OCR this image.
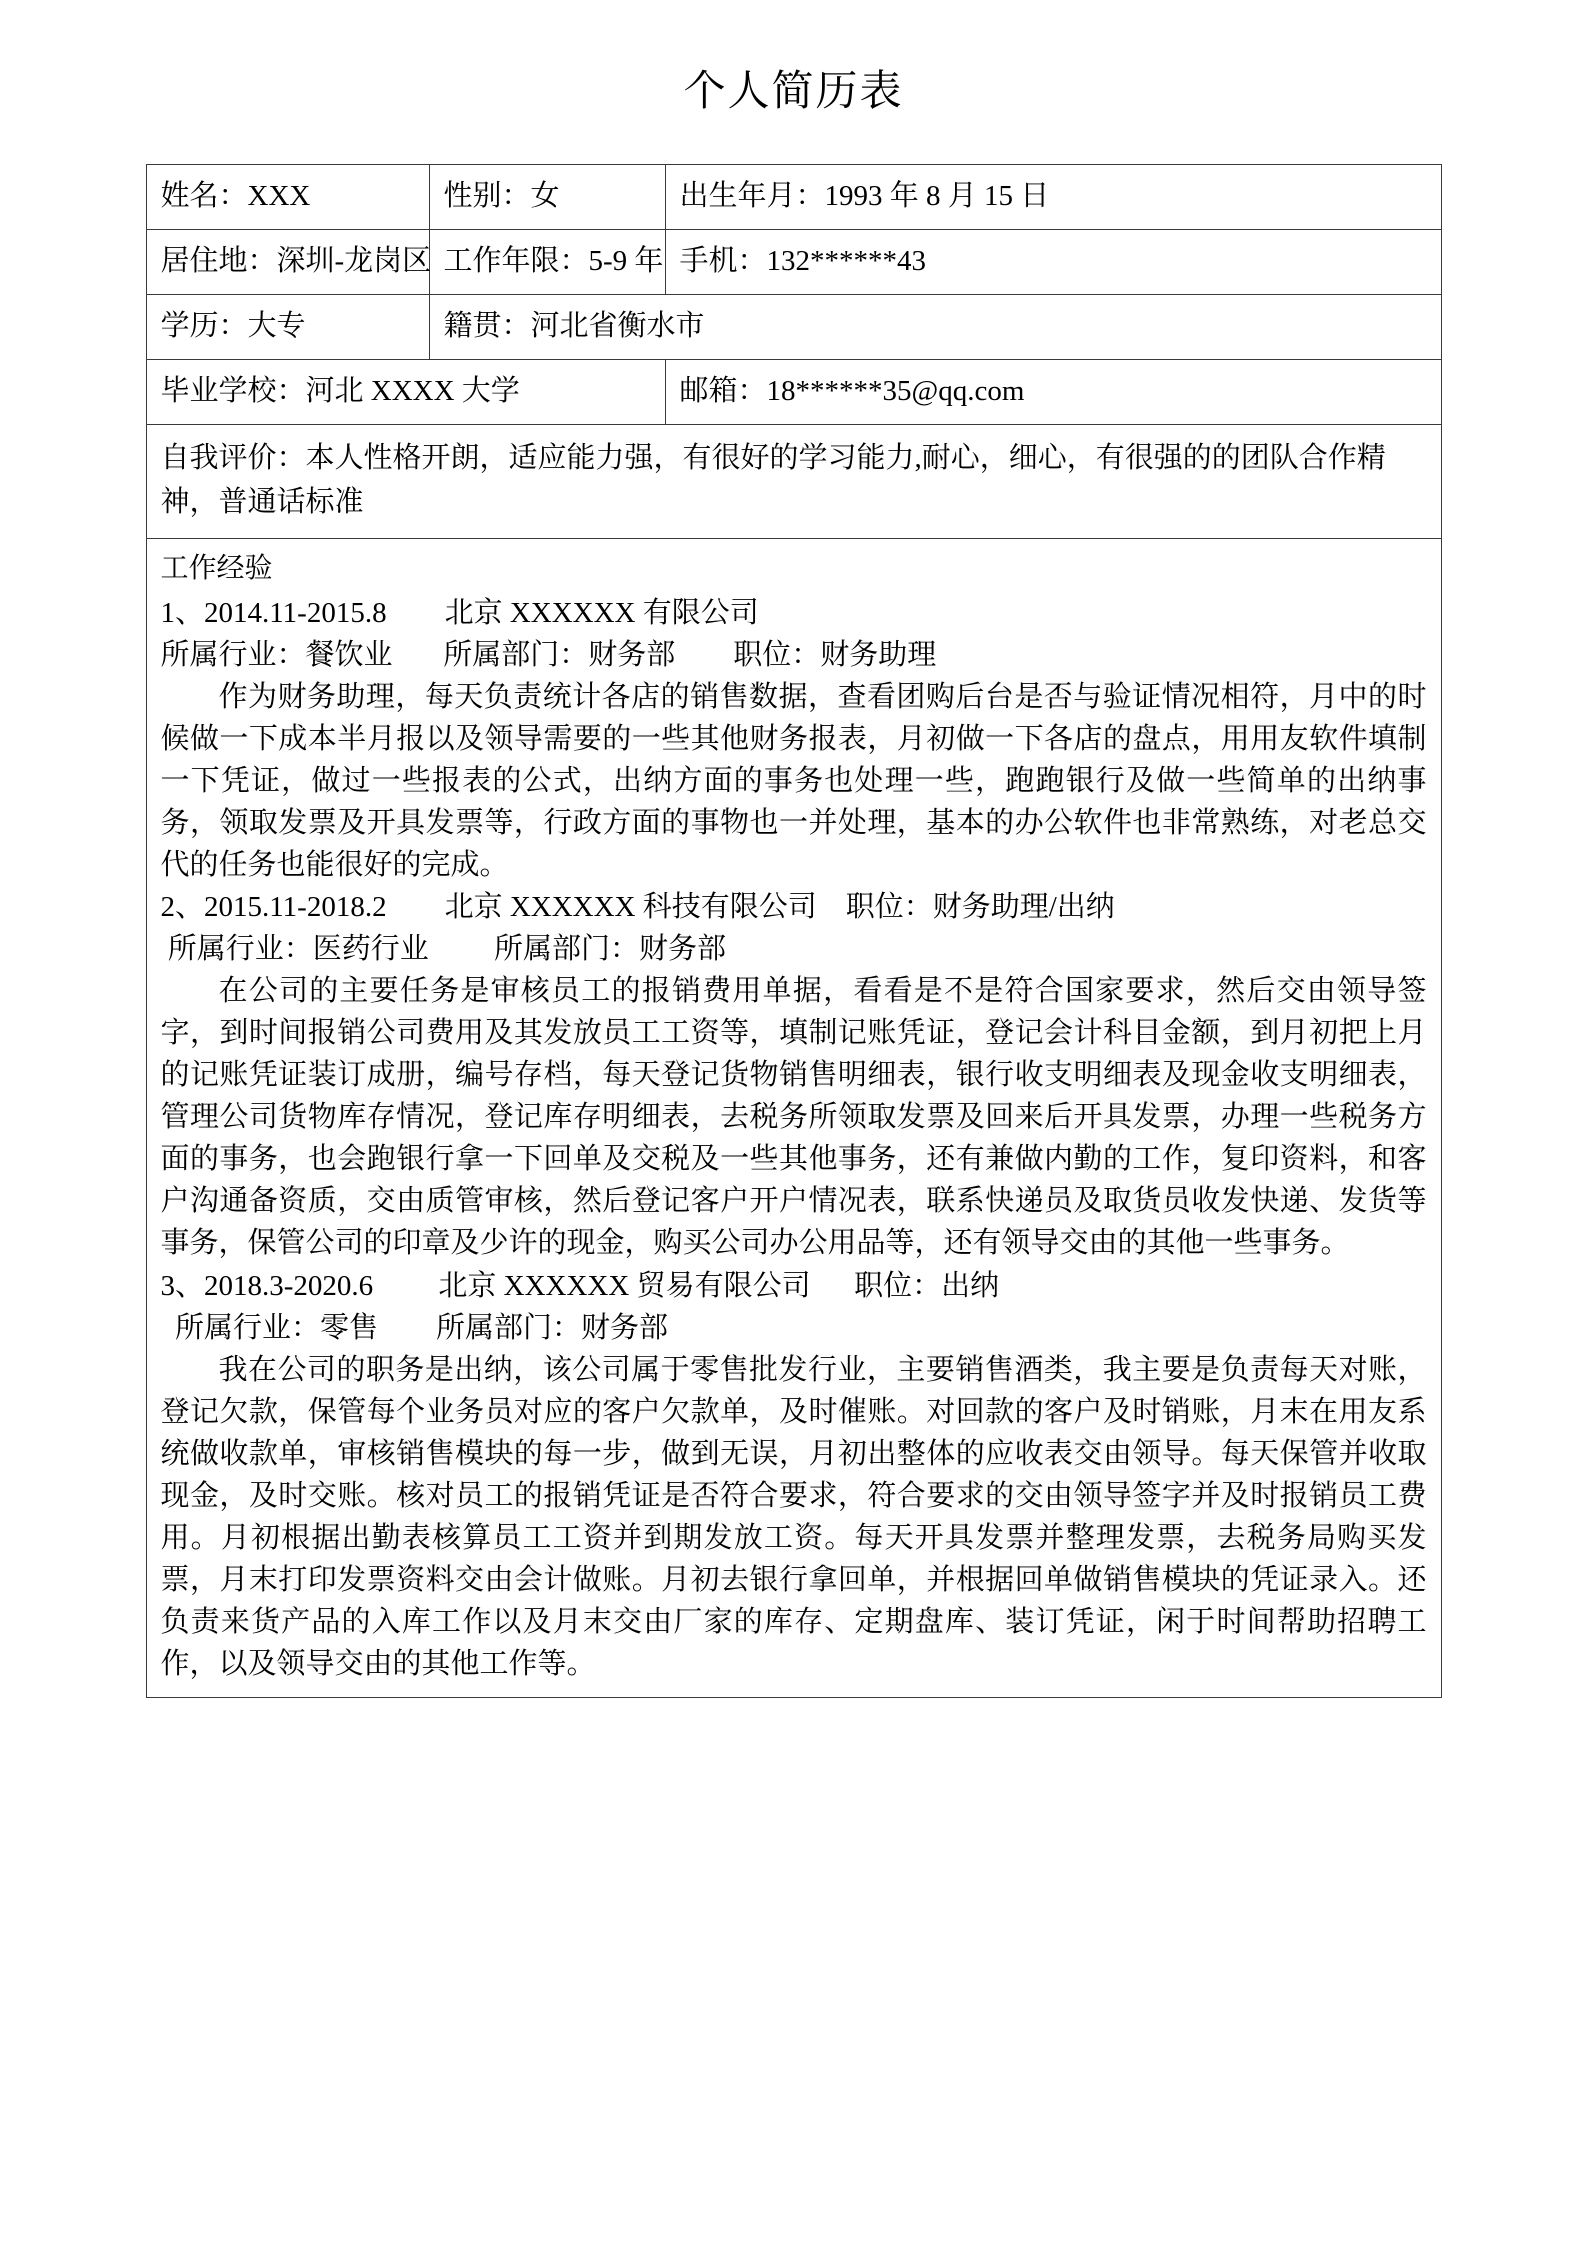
个人简历表
姓名：XXX	性别：女	出生年月：1993 年 8 月 15 日
居住地：深圳-龙岗区	工作年限：5-9 年	手机：132******43
学历：大专	籍贯：河北省衡水市	
毕业学校：河北 XXXX 大学		邮箱：18******35@qq.com
自我评价：本人性格开朗，适应能力强，有很好的学习能力,耐心，细心，有很强的的团队合作精神，普通话标准		

工作经验
1、2014.11-2015.8        北京 XXXXXX 有限公司
所属行业：餐饮业       所属部门：财务部        职位：财务助理
作为财务助理，每天负责统计各店的销售数据，查看团购后台是否与验证情况相符，月中的时候做一下成本半月报以及领导需要的一些其他财务报表，月初做一下各店的盘点，用用友软件填制一下凭证，做过一些报表的公式，出纳方面的事务也处理一些，跑跑银行及做一些简单的出纳事务，领取发票及开具发票等，行政方面的事物也一并处理，基本的办公软件也非常熟练，对老总交代的任务也能很好的完成。
2、2015.11-2018.2        北京 XXXXXX 科技有限公司    职位：财务助理/出纳
所属行业：医药行业         所属部门：财务部
在公司的主要任务是审核员工的报销费用单据，看看是不是符合国家要求，然后交由领导签字，到时间报销公司费用及其发放员工工资等，填制记账凭证，登记会计科目金额，到月初把上月的记账凭证装订成册，编号存档，每天登记货物销售明细表，银行收支明细表及现金收支明细表，管理公司货物库存情况，登记库存明细表，去税务所领取发票及回来后开具发票，办理一些税务方面的事务，也会跑银行拿一下回单及交税及一些其他事务，还有兼做内勤的工作，复印资料，和客户沟通备资质，交由质管审核，然后登记客户开户情况表，联系快递员及取货员收发快递、发货等事务，保管公司的印章及少许的现金，购买公司办公用品等，还有领导交由的其他一些事务。
3、2018.3-2020.6         北京 XXXXXX 贸易有限公司      职位：出纳
所属行业：零售        所属部门：财务部
我在公司的职务是出纳，该公司属于零售批发行业，主要销售酒类，我主要是负责每天对账，登记欠款，保管每个业务员对应的客户欠款单，及时催账。对回款的客户及时销账，月末在用友系统做收款单，审核销售模块的每一步，做到无误，月初出整体的应收表交由领导。每天保管并收取现金，及时交账。核对员工的报销凭证是否符合要求，符合要求的交由领导签字并及时报销员工费用。月初根据出勤表核算员工工资并到期发放工资。每天开具发票并整理发票，去税务局购买发票，月末打印发票资料交由会计做账。月初去银行拿回单，并根据回单做销售模块的凭证录入。还负责来货产品的入库工作以及月末交由厂家的库存、定期盘库、装订凭证，闲于时间帮助招聘工作，以及领导交由的其他工作等。
